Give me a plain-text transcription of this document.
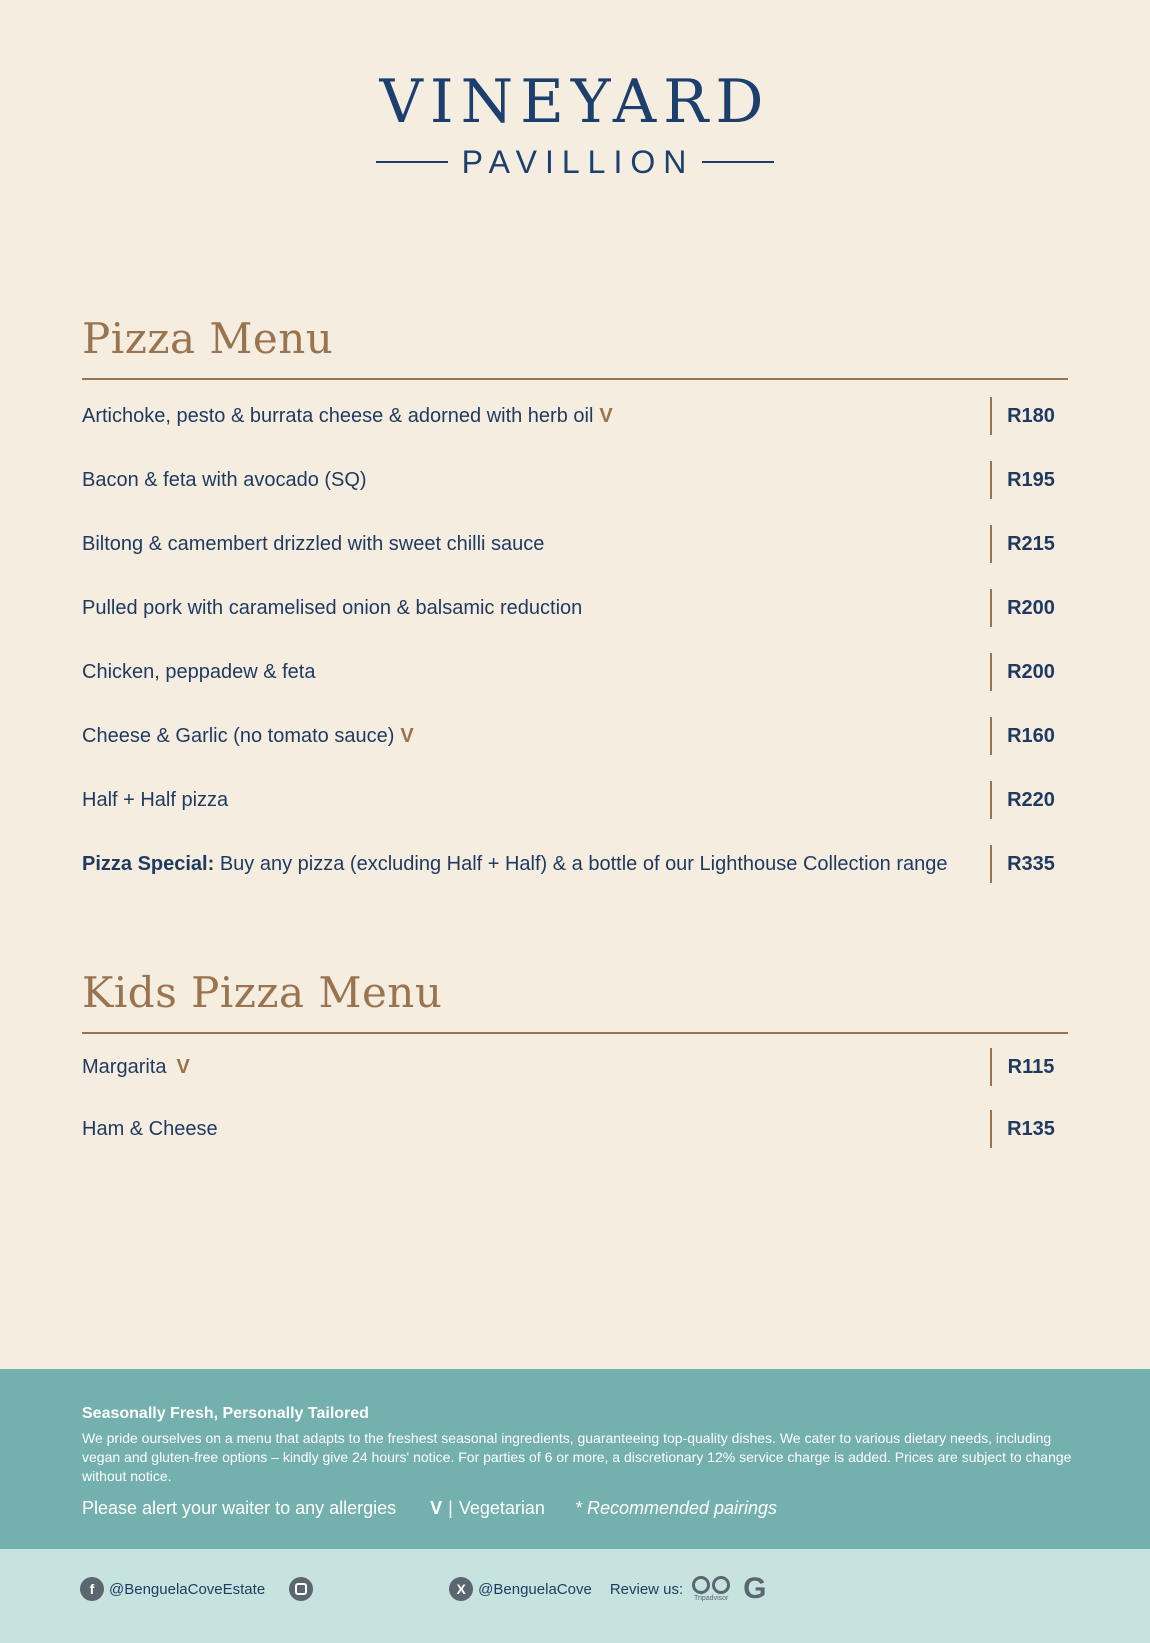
VINEYARD
PAVILLION
Pizza Menu
Artichoke, pesto & burrata cheese & adorned with herb oil V	R180
Bacon & feta with avocado (SQ)	R195
Biltong & camembert drizzled with sweet chilli sauce	R215
Pulled pork with caramelised onion & balsamic reduction	R200
Chicken, peppadew & feta	R200
Cheese & Garlic (no tomato sauce) V	R160
Half + Half pizza	R220
Pizza Special: Buy any pizza (excluding Half + Half) & a bottle of our Lighthouse Collection range	R335
Kids Pizza Menu
Margarita V	R115
Ham & Cheese	R135
Seasonally Fresh, Personally Tailored

We pride ourselves on a menu that adapts to the freshest seasonal ingredients, guaranteeing top-quality dishes. We cater to various dietary needs, including vegan and gluten-free options – kindly give 24 hours' notice. For parties of 6 or more, a discretionary 12% service charge is added. Prices are subject to change without notice.

Please alert your waiter to any allergies V | Vegetarian * Recommended pairings
f @BenguelaCoveEstate	X @BenguelaCove Review us:
Tripadvisor G
